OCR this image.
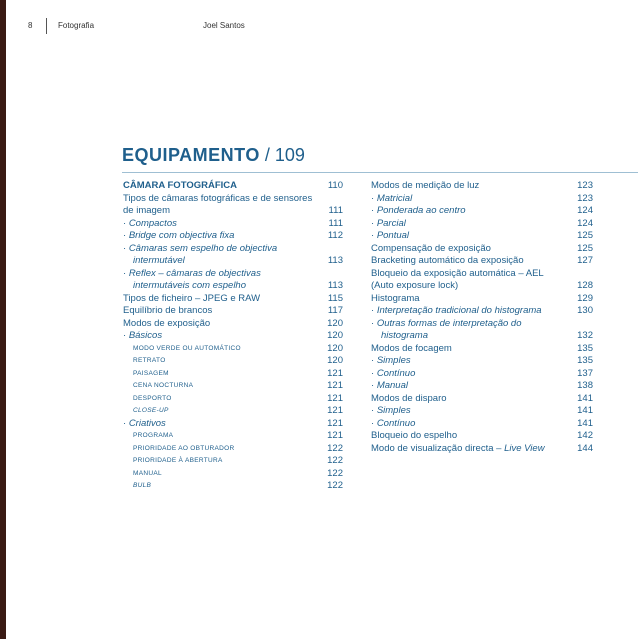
8	Fotografia	Joel Santos
EQUIPAMENTO / 109
CÂMARA FOTOGRÁFICA	110
Tipos de câmaras fotográficas e de sensores
de imagem	111
· Compactos	111
· Bridge com objectiva fixa	112
· Câmaras sem espelho de objectiva
intermutável	113
· Reflex – câmaras de objectivas
intermutáveis com espelho	113
Tipos de ficheiro – JPEG e RAW	115
Equilíbrio de brancos	117
Modos de exposição	120
· Básicos	120
MODO VERDE OU AUTOMÁTICO	120
RETRATO	120
PAISAGEM	121
CENA NOCTURNA	121
DESPORTO	121
CLOSE-UP	121
· Criativos	121
PROGRAMA	121
PRIORIDADE AO OBTURADOR	122
PRIORIDADE À ABERTURA	122
MANUAL	122
BULB	122
Modos de medição de luz	123
· Matricial	123
· Ponderada ao centro	124
· Parcial	124
· Pontual	125
Compensação de exposição	125
Bracketing automático da exposição	127
Bloqueio da exposição automática – AEL
(Auto exposure lock)	128
Histograma	129
· Interpretação tradicional do histograma	130
· Outras formas de interpretação do
histograma	132
Modos de focagem	135
· Simples	135
· Contínuo	137
· Manual	138
Modos de disparo	141
· Simples	141
· Contínuo	141
Bloqueio do espelho	142
Modo de visualização directa – Live View	144
